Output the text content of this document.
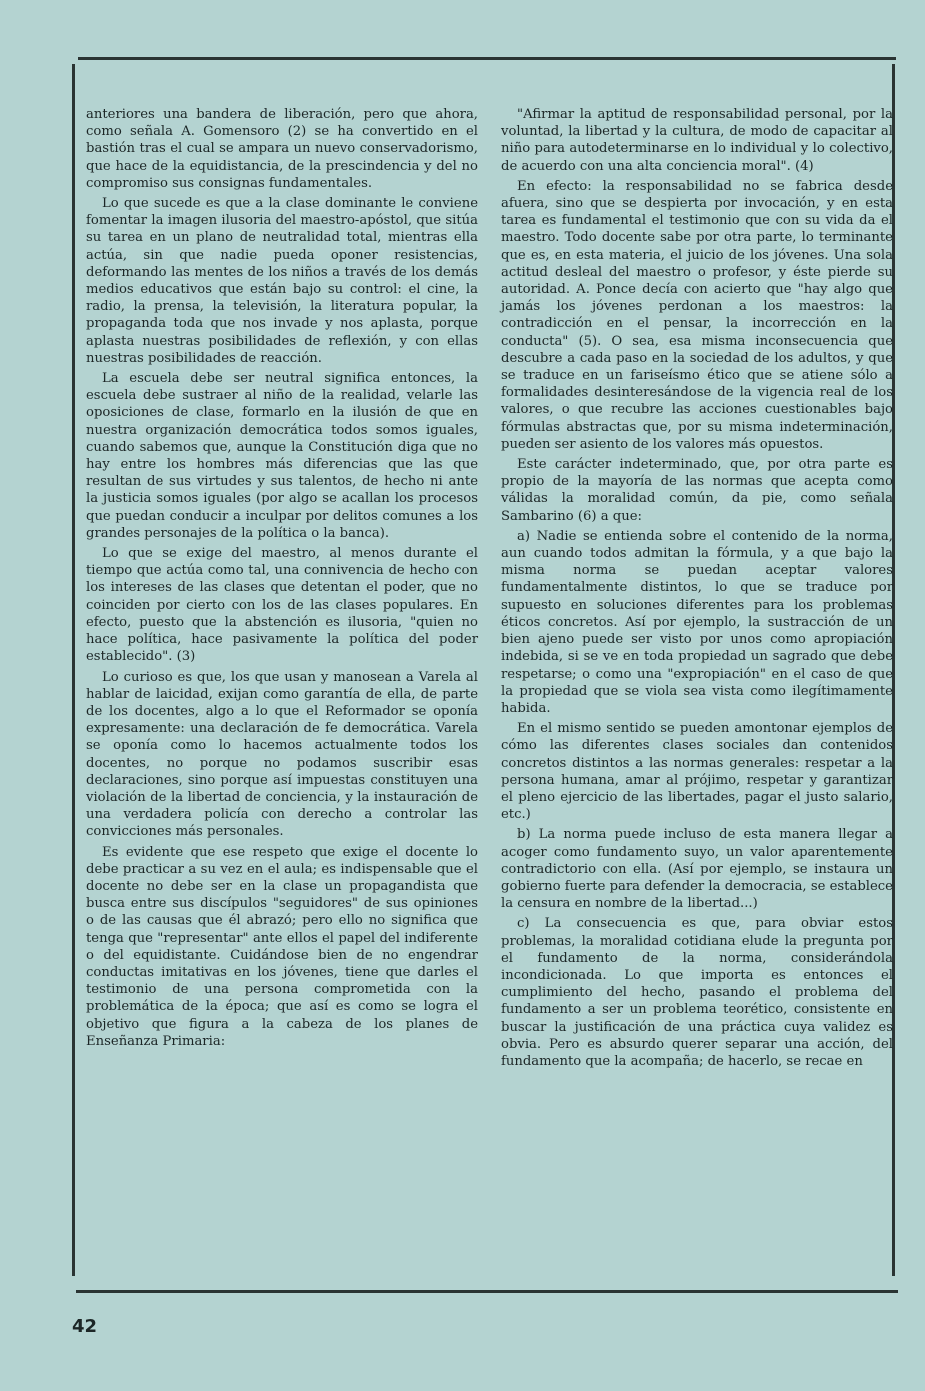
anteriores una bandera de liberación, pero que ahora, como señala A. Gomensoro (2) se ha convertido en el bastión tras el cual se ampara un nuevo conservadorismo, que hace de la equidistancia, de la prescindencia y del no compromiso sus consignas fundamentales.

Lo que sucede es que a la clase dominante le conviene fomentar la imagen ilusoria del maestro-apóstol, que sitúa su tarea en un plano de neutralidad total, mientras ella actúa, sin que nadie pueda oponer resistencias, deformando las mentes de los niños a través de los demás medios educativos que están bajo su control: el cine, la radio, la prensa, la televisión, la literatura popular, la propaganda toda que nos invade y nos aplasta, porque aplasta nuestras posibilidades de reflexión, y con ellas nuestras posibilidades de reacción.

La escuela debe ser neutral significa entonces, la escuela debe sustraer al niño de la realidad, velarle las oposiciones de clase, formarlo en la ilusión de que en nuestra organización democrática todos somos iguales, cuando sabemos que, aunque la Constitución diga que no hay entre los hombres más diferencias que las que resultan de sus virtudes y sus talentos, de hecho ni ante la justicia somos iguales (por algo se acallan los procesos que puedan conducir a inculpar por delitos comunes a los grandes personajes de la política o la banca).

Lo que se exige del maestro, al menos durante el tiempo que actúa como tal, una connivencia de hecho con los intereses de las clases que detentan el poder, que no coinciden por cierto con los de las clases populares. En efecto, puesto que la abstención es ilusoria, "quien no hace política, hace pasivamente la política del poder establecido". (3)

Lo curioso es que, los que usan y manosean a Varela al hablar de laicidad, exijan como garantía de ella, de parte de los docentes, algo a lo que el Reformador se oponía expresamente: una declaración de fe democrática. Varela se oponía como lo hacemos actualmente todos los docentes, no porque no podamos suscribir esas declaraciones, sino porque así impuestas constituyen una violación de la libertad de conciencia, y la instauración de una verdadera policía con derecho a controlar las convicciones más personales.

Es evidente que ese respeto que exige el docente lo debe practicar a su vez en el aula; es indispensable que el docente no debe ser en la clase un propagandista que busca entre sus discípulos "seguidores" de sus opiniones o de las causas que él abrazó; pero ello no significa que tenga que "representar" ante ellos el papel del indiferente o del equidistante. Cuidándose bien de no engendrar conductas imitativas en los jóvenes, tiene que darles el testimonio de una persona comprometida con la problemática de la época; que así es como se logra el objetivo que figura a la cabeza de los planes de Enseñanza Primaria:

"Afirmar la aptitud de responsabilidad personal, por la voluntad, la libertad y la cultura, de modo de capacitar al niño para autodeterminarse en lo individual y lo colectivo, de acuerdo con una alta conciencia moral". (4)

En efecto: la responsabilidad no se fabrica desde afuera, sino que se despierta por invocación, y en esta tarea es fundamental el testimonio que con su vida da el maestro. Todo docente sabe por otra parte, lo terminante que es, en esta materia, el juicio de los jóvenes. Una sola actitud desleal del maestro o profesor, y éste pierde su autoridad. A. Ponce decía con acierto que "hay algo que jamás los jóvenes perdonan a los maestros: la contradicción en el pensar, la incorrección en la conducta" (5). O sea, esa misma inconsecuencia que descubre a cada paso en la sociedad de los adultos, y que se traduce en un fariseísmo ético que se atiene sólo a formalidades desinteresándose de la vigencia real de los valores, o que recubre las acciones cuestionables bajo fórmulas abstractas que, por su misma indeterminación, pueden ser asiento de los valores más opuestos.

Este carácter indeterminado, que, por otra parte es propio de la mayoría de las normas que acepta como válidas la moralidad común, da pie, como señala Sambarino (6) a que:

a) Nadie se entienda sobre el contenido de la norma, aun cuando todos admitan la fórmula, y a que bajo la misma norma se puedan aceptar valores fundamentalmente distintos, lo que se traduce por supuesto en soluciones diferentes para los problemas éticos concretos. Así por ejemplo, la sustracción de un bien ajeno puede ser visto por unos como apropiación indebida, si se ve en toda propiedad un sagrado que debe respetarse; o como una "expropiación" en el caso de que la propiedad que se viola sea vista como ilegítimamente habida.

En el mismo sentido se pueden amontonar ejemplos de cómo las diferentes clases sociales dan contenidos concretos distintos a las normas generales: respetar a la persona humana, amar al prójimo, respetar y garantizar el pleno ejercicio de las libertades, pagar el justo salario, etc.)

b) La norma puede incluso de esta manera llegar a acoger como fundamento suyo, un valor aparentemente contradictorio con ella. (Así por ejemplo, se instaura un gobierno fuerte para defender la democracia, se establece la censura en nombre de la libertad...)

c) La consecuencia es que, para obviar estos problemas, la moralidad cotidiana elude la pregunta por el fundamento de la norma, considerándola incondicionada. Lo que importa es entonces el cumplimiento del hecho, pasando el problema del fundamento a ser un problema teorético, consistente en buscar la justificación de una práctica cuya validez es obvia. Pero es absurdo querer separar una acción, del fundamento que la acompaña; de hacerlo, se recae en

42
